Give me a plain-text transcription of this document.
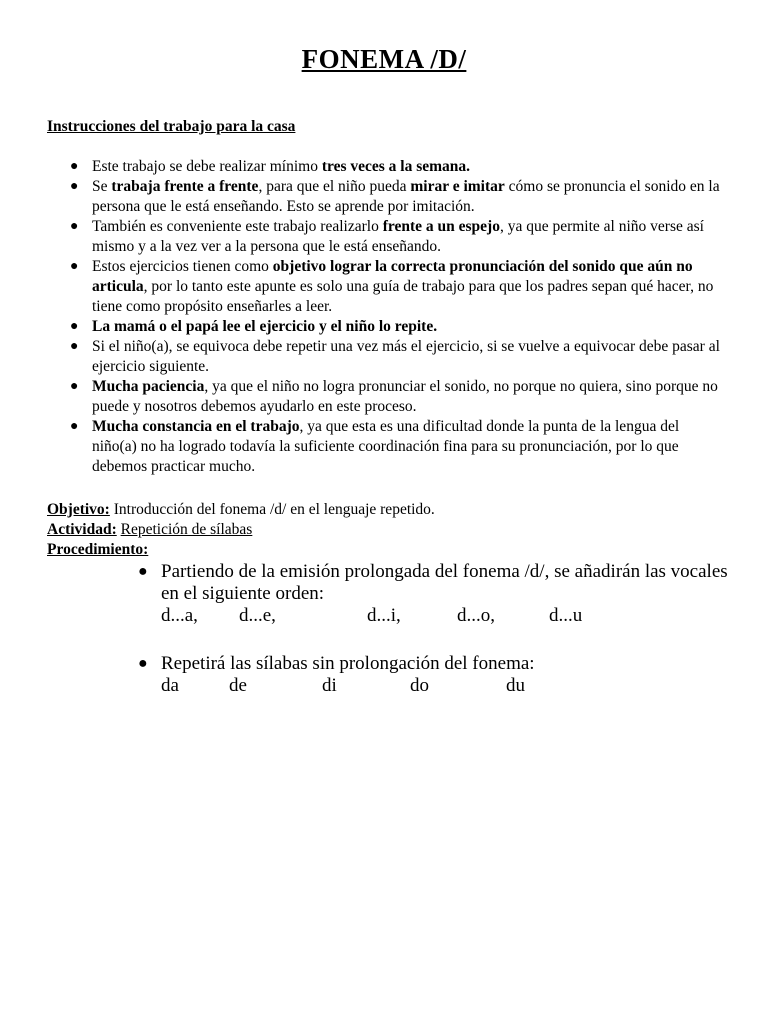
FONEMA /D/
Instrucciones del trabajo para la casa
● Este trabajo se debe realizar mínimo tres veces a la semana.
● Se trabaja frente a frente, para que el niño pueda mirar e imitar cómo se pronuncia el sonido en la persona que le está enseñando. Esto se aprende por imitación.
● También es conveniente este trabajo realizarlo frente a un espejo, ya que permite al niño verse así mismo y a la vez ver a la persona que le está enseñando.
● Estos ejercicios tienen como objetivo lograr la correcta pronunciación del sonido que aún no articula, por lo tanto este apunte es solo una guía de trabajo para que los padres sepan qué hacer, no tiene como propósito enseñarles a leer.
● La mamá o el papá lee el ejercicio y el niño lo repite.
● Si el niño(a), se equivoca debe repetir una vez más el ejercicio, si se vuelve a equivocar debe pasar al ejercicio siguiente.
● Mucha paciencia, ya que el niño no logra pronunciar el sonido, no porque no quiera, sino porque no puede y nosotros debemos ayudarlo en este proceso.
● Mucha constancia en el trabajo, ya que esta es una dificultad donde la punta de la lengua del niño(a) no ha logrado todavía la suficiente coordinación fina para su pronunciación, por lo que debemos practicar mucho.
Objetivo: Introducción del fonema /d/ en el lenguaje repetido.
Actividad: Repetición de sílabas
Procedimiento:
● Partiendo de la emisión prolongada del fonema /d/, se añadirán las vocales en el siguiente orden:
d...a,	d...e,	d...i,	d...o,	d...u
● Repetirá las sílabas sin prolongación del fonema:
da	de	di	do	du
